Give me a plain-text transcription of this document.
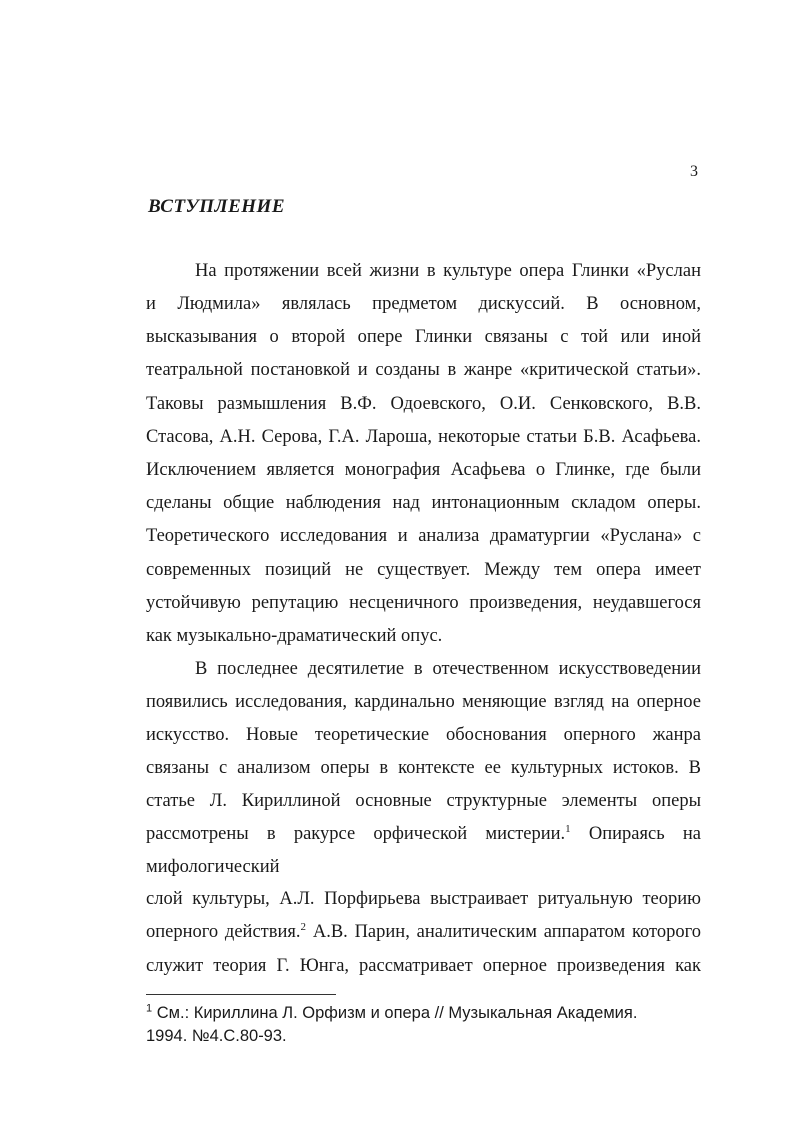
3
ВСТУПЛЕНИЕ
На протяжении всей жизни в культуре опера Глинки «Руслан
и Людмила» являлась предметом дискуссий. В основном,
высказывания о второй опере Глинки связаны с той или иной
театральной постановкой и созданы в жанре «критической статьи».
Таковы размышления В.Ф. Одоевского, О.И. Сенковского, В.В.
Стасова, А.Н. Серова, Г.А. Лароша, некоторые статьи Б.В. Асафьева.
Исключением является монография Асафьева о Глинке, где были
сделаны общие наблюдения над интонационным складом оперы.
Теоретического исследования и анализа драматургии «Руслана» с
современных позиций не существует. Между тем опера имеет
устойчивую репутацию несценичного произведения, неудавшегося
как музыкально-драматический опус.
В последнее десятилетие в отечественном искусствоведении
появились исследования, кардинально меняющие взгляд на оперное
искусство. Новые теоретические обоснования оперного жанра
связаны с анализом оперы в контексте ее культурных истоков. В
статье Л. Кириллиной основные структурные элементы оперы
рассмотрены в ракурсе орфической мистерии.$^1$ Опираясь на
мифологический
слой культуры, А.Л. Порфирьева выстраивает ритуальную теорию
оперного действия.$^2$ А.В. Парин, аналитическим аппаратом которого
служит теория Г. Юнга, рассматривает оперное произведения как
$^1$ См.: Кириллина Л. Орфизм и опера // Музыкальная Академия.
1994. №4.С.80-93.
